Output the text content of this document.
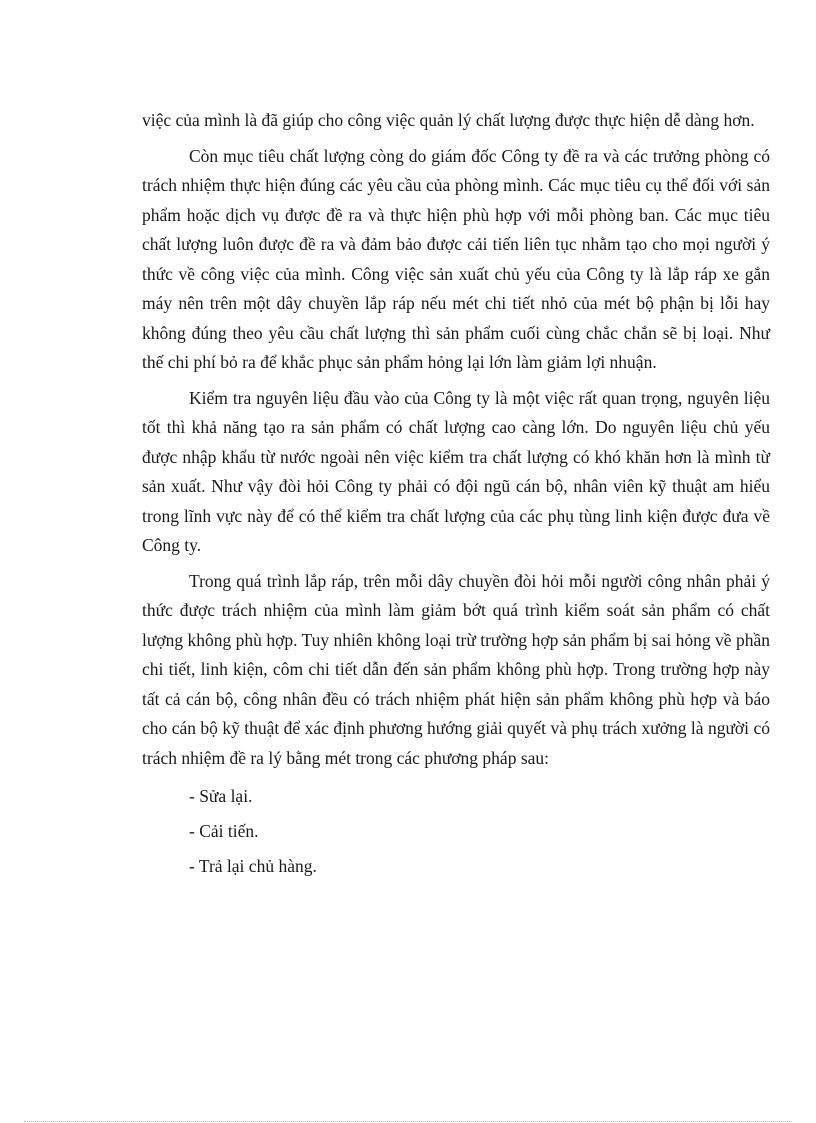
việc của mình là đã giúp cho công việc quản lý chất lượng được thực hiện dễ dàng hơn.

Còn mục tiêu chất lượng còng do giám đốc Công ty đề ra và các trưởng phòng có trách nhiệm thực hiện đúng các yêu cầu của phòng mình. Các mục tiêu cụ thể đối với sản phẩm hoặc dịch vụ được đề ra và thực hiện phù hợp với mỗi phòng ban. Các mục tiêu chất lượng luôn được đề ra và đảm bảo được cải tiến liên tục nhằm tạo cho mọi người ý thức về công việc của mình. Công việc sản xuất chủ yếu của Công ty là lắp ráp xe gắn máy nên trên một dây chuyền lắp ráp nếu mét chi tiết nhỏ của mét bộ phận bị lỗi hay không đúng theo yêu cầu chất lượng thì sản phẩm cuối cùng chắc chắn sẽ bị loại. Như thế chi phí bỏ ra để khắc phục sản phẩm hỏng lại lớn làm giảm lợi nhuận.

Kiểm tra nguyên liệu đầu vào của Công ty là một việc rất quan trọng, nguyên liệu tốt thì khả năng tạo ra sản phẩm có chất lượng cao càng lớn. Do nguyên liệu chủ yếu được nhập khẩu từ nước ngoài nên việc kiểm tra chất lượng có khó khăn hơn là mình từ sản xuất. Như vậy đòi hỏi Công ty phải có đội ngũ cán bộ, nhân viên kỹ thuật am hiểu trong lĩnh vực này để có thể kiểm tra chất lượng của các phụ tùng linh kiện được đưa về Công ty.

Trong quá trình lắp ráp, trên mỗi dây chuyền đòi hỏi mỗi người công nhân phải ý thức được trách nhiệm của mình làm giảm bớt quá trình kiểm soát sản phẩm có chất lượng không phù hợp. Tuy nhiên không loại trừ trường hợp sản phẩm bị sai hỏng về phần chi tiết, linh kiện, côm chi tiết dẫn đến sản phẩm không phù hợp. Trong trường hợp này tất cả cán bộ, công nhân đều có trách nhiệm phát hiện sản phẩm không phù hợp và báo cho cán bộ kỹ thuật để xác định phương hướng giải quyết và phụ trách xưởng là người có trách nhiệm đề ra lý bằng mét trong các phương pháp sau:

- Sửa lại.

- Cải tiến.

- Trả lại chủ hàng.
